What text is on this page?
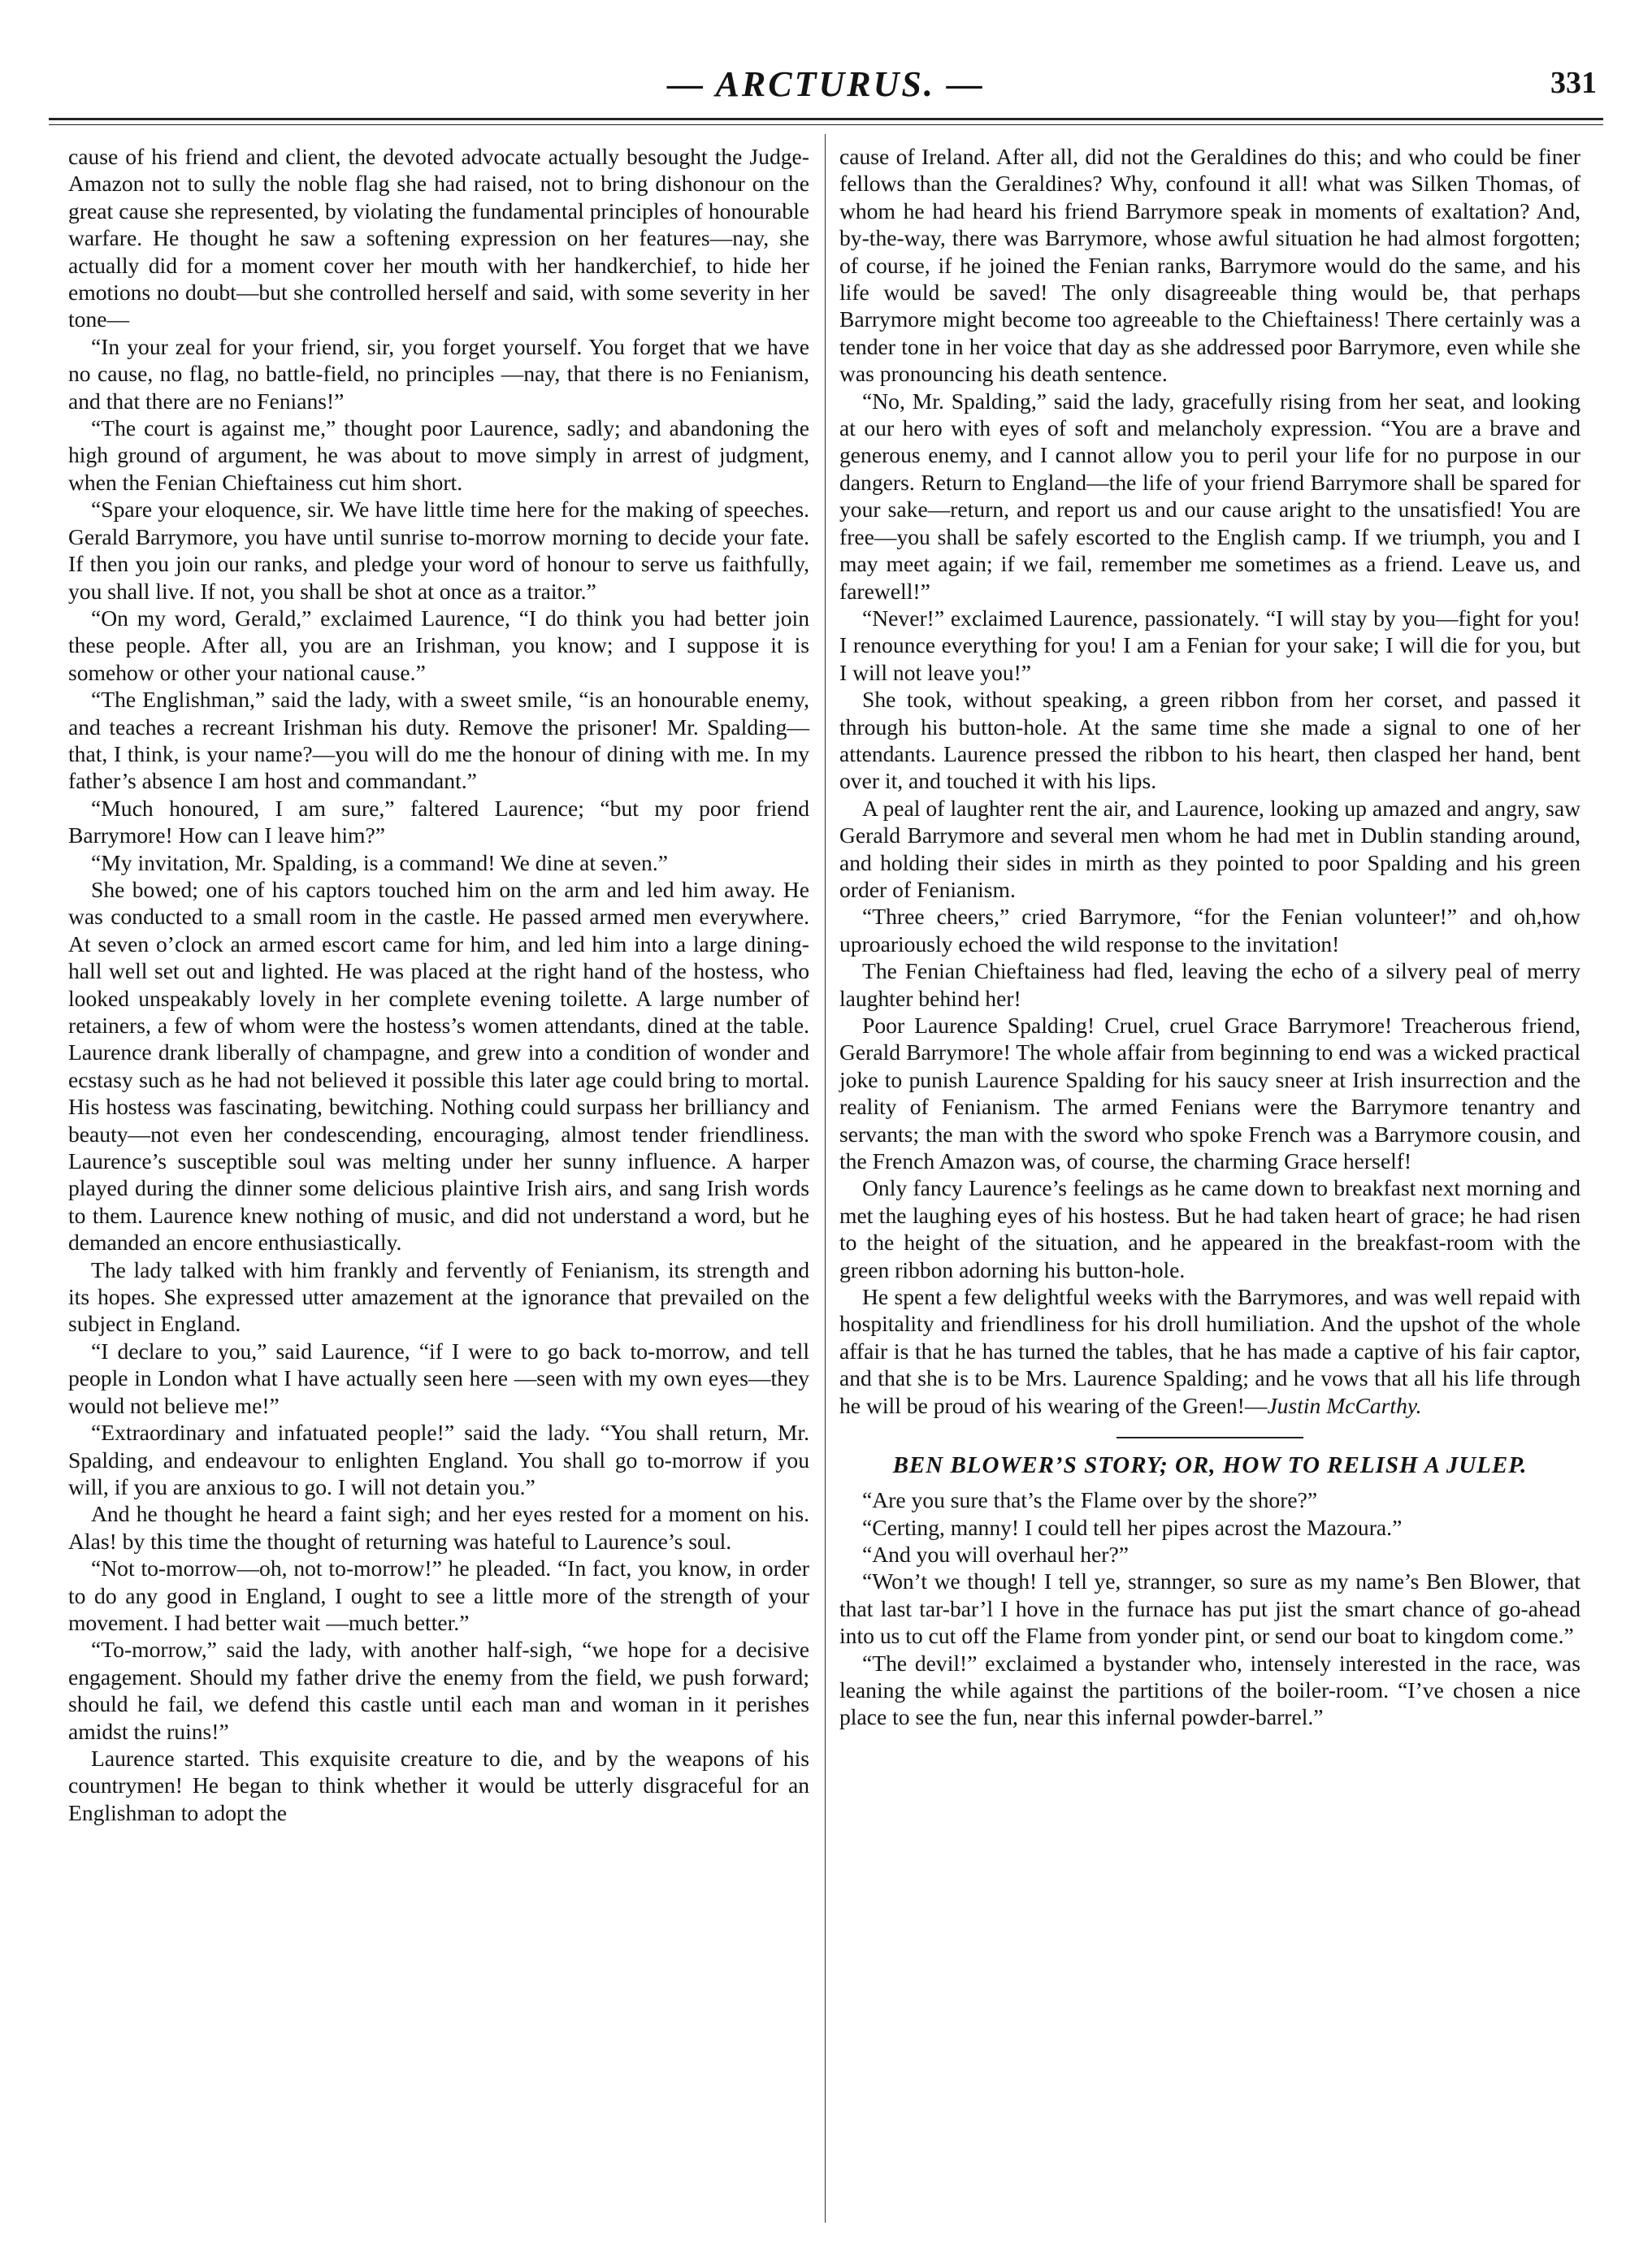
— ARCTURUS. —	331

cause of his friend and client, the devoted advocate actually besought the Judge-Amazon not to sully the noble flag she had raised, not to bring dishonour on the great cause she represented, by violating the fundamental principles of honourable warfare. He thought he saw a softening expression on her features—nay, she actually did for a moment cover her mouth with her handkerchief, to hide her emotions no doubt—but she controlled herself and said, with some severity in her tone—

“In your zeal for your friend, sir, you forget yourself. You forget that we have no cause, no flag, no battle-field, no principles —nay, that there is no Fenianism, and that there are no Fenians!”

“The court is against me,” thought poor Laurence, sadly; and abandoning the high ground of argument, he was about to move simply in arrest of judgment, when the Fenian Chieftainess cut him short.

“Spare your eloquence, sir. We have little time here for the making of speeches. Gerald Barrymore, you have until sunrise to-morrow morning to decide your fate. If then you join our ranks, and pledge your word of honour to serve us faithfully, you shall live. If not, you shall be shot at once as a traitor.”

“On my word, Gerald,” exclaimed Laurence, “I do think you had better join these people. After all, you are an Irishman, you know; and I suppose it is somehow or other your national cause.”

“The Englishman,” said the lady, with a sweet smile, “is an honourable enemy, and teaches a recreant Irishman his duty. Remove the prisoner! Mr. Spalding—that, I think, is your name?—you will do me the honour of dining with me. In my father’s absence I am host and commandant.”

“Much honoured, I am sure,” faltered Laurence; “but my poor friend Barrymore! How can I leave him?”

“My invitation, Mr. Spalding, is a command! We dine at seven.”

She bowed; one of his captors touched him on the arm and led him away. He was conducted to a small room in the castle. He passed armed men everywhere. At seven o’clock an armed escort came for him, and led him into a large dining-hall well set out and lighted. He was placed at the right hand of the hostess, who looked unspeakably lovely in her complete evening toilette. A large number of retainers, a few of whom were the hostess’s women attendants, dined at the table. Laurence drank liberally of champagne, and grew into a condition of wonder and ecstasy such as he had not believed it possible this later age could bring to mortal. His hostess was fascinating, bewitching. Nothing could surpass her brilliancy and beauty—not even her condescending, encouraging, almost tender friendliness. Laurence’s susceptible soul was melting under her sunny influence. A harper played during the dinner some delicious plaintive Irish airs, and sang Irish words to them. Laurence knew nothing of music, and did not understand a word, but he demanded an encore enthusiastically.

The lady talked with him frankly and fervently of Fenianism, its strength and its hopes. She expressed utter amazement at the ignorance that prevailed on the subject in England.

“I declare to you,” said Laurence, “if I were to go back to-morrow, and tell people in London what I have actually seen here —seen with my own eyes—they would not believe me!”

“Extraordinary and infatuated people!” said the lady. “You shall return, Mr. Spalding, and endeavour to enlighten England. You shall go to-morrow if you will, if you are anxious to go. I will not detain you.”

And he thought he heard a faint sigh; and her eyes rested for a moment on his. Alas! by this time the thought of returning was hateful to Laurence’s soul.

“Not to-morrow—oh, not to-morrow!” he pleaded. “In fact, you know, in order to do any good in England, I ought to see a little more of the strength of your movement. I had better wait —much better.”

“To-morrow,” said the lady, with another half-sigh, “we hope for a decisive engagement. Should my father drive the enemy from the field, we push forward; should he fail, we defend this castle until each man and woman in it perishes amidst the ruins!”

Laurence started. This exquisite creature to die, and by the weapons of his countrymen! He began to think whether it would be utterly disgraceful for an Englishman to adopt the

cause of Ireland. After all, did not the Geraldines do this; and who could be finer fellows than the Geraldines? Why, confound it all! what was Silken Thomas, of whom he had heard his friend Barrymore speak in moments of exaltation? And, by-the-way, there was Barrymore, whose awful situation he had almost forgotten; of course, if he joined the Fenian ranks, Barrymore would do the same, and his life would be saved! The only disagreeable thing would be, that perhaps Barrymore might become too agreeable to the Chieftainess! There certainly was a tender tone in her voice that day as she addressed poor Barrymore, even while she was pronouncing his death sentence.

“No, Mr. Spalding,” said the lady, gracefully rising from her seat, and looking at our hero with eyes of soft and melancholy expression. “You are a brave and generous enemy, and I cannot allow you to peril your life for no purpose in our dangers. Return to England—the life of your friend Barrymore shall be spared for your sake—return, and report us and our cause aright to the unsatisfied! You are free—you shall be safely escorted to the English camp. If we triumph, you and I may meet again; if we fail, remember me sometimes as a friend. Leave us, and farewell!”

“Never!” exclaimed Laurence, passionately. “I will stay by you—fight for you! I renounce everything for you! I am a Fenian for your sake; I will die for you, but I will not leave you!”

She took, without speaking, a green ribbon from her corset, and passed it through his button-hole. At the same time she made a signal to one of her attendants. Laurence pressed the ribbon to his heart, then clasped her hand, bent over it, and touched it with his lips.

A peal of laughter rent the air, and Laurence, looking up amazed and angry, saw Gerald Barrymore and several men whom he had met in Dublin standing around, and holding their sides in mirth as they pointed to poor Spalding and his green order of Fenianism.

“Three cheers,” cried Barrymore, “for the Fenian volunteer!” and oh,how uproariously echoed the wild response to the invitation!

The Fenian Chieftainess had fled, leaving the echo of a silvery peal of merry laughter behind her!

Poor Laurence Spalding! Cruel, cruel Grace Barrymore! Treacherous friend, Gerald Barrymore! The whole affair from beginning to end was a wicked practical joke to punish Laurence Spalding for his saucy sneer at Irish insurrection and the reality of Fenianism. The armed Fenians were the Barrymore tenantry and servants; the man with the sword who spoke French was a Barrymore cousin, and the French Amazon was, of course, the charming Grace herself!

Only fancy Laurence’s feelings as he came down to breakfast next morning and met the laughing eyes of his hostess. But he had taken heart of grace; he had risen to the height of the situation, and he appeared in the breakfast-room with the green ribbon adorning his button-hole.

He spent a few delightful weeks with the Barrymores, and was well repaid with hospitality and friendliness for his droll humiliation. And the upshot of the whole affair is that he has turned the tables, that he has made a captive of his fair captor, and that she is to be Mrs. Laurence Spalding; and he vows that all his life through he will be proud of his wearing of the Green!—Justin McCarthy.

BEN BLOWER’S STORY; OR, HOW TO RELISH A JULEP.

“Are you sure that’s the Flame over by the shore?”

“Certing, manny! I could tell her pipes acrost the Mazoura.”

“And you will overhaul her?”

“Won’t we though! I tell ye, strannger, so sure as my name’s Ben Blower, that that last tar-bar’l I hove in the furnace has put jist the smart chance of go-ahead into us to cut off the Flame from yonder pint, or send our boat to kingdom come.”

“The devil!” exclaimed a bystander who, intensely interested in the race, was leaning the while against the partitions of the boiler-room. “I’ve chosen a nice place to see the fun, near this infernal powder-barrel.”
